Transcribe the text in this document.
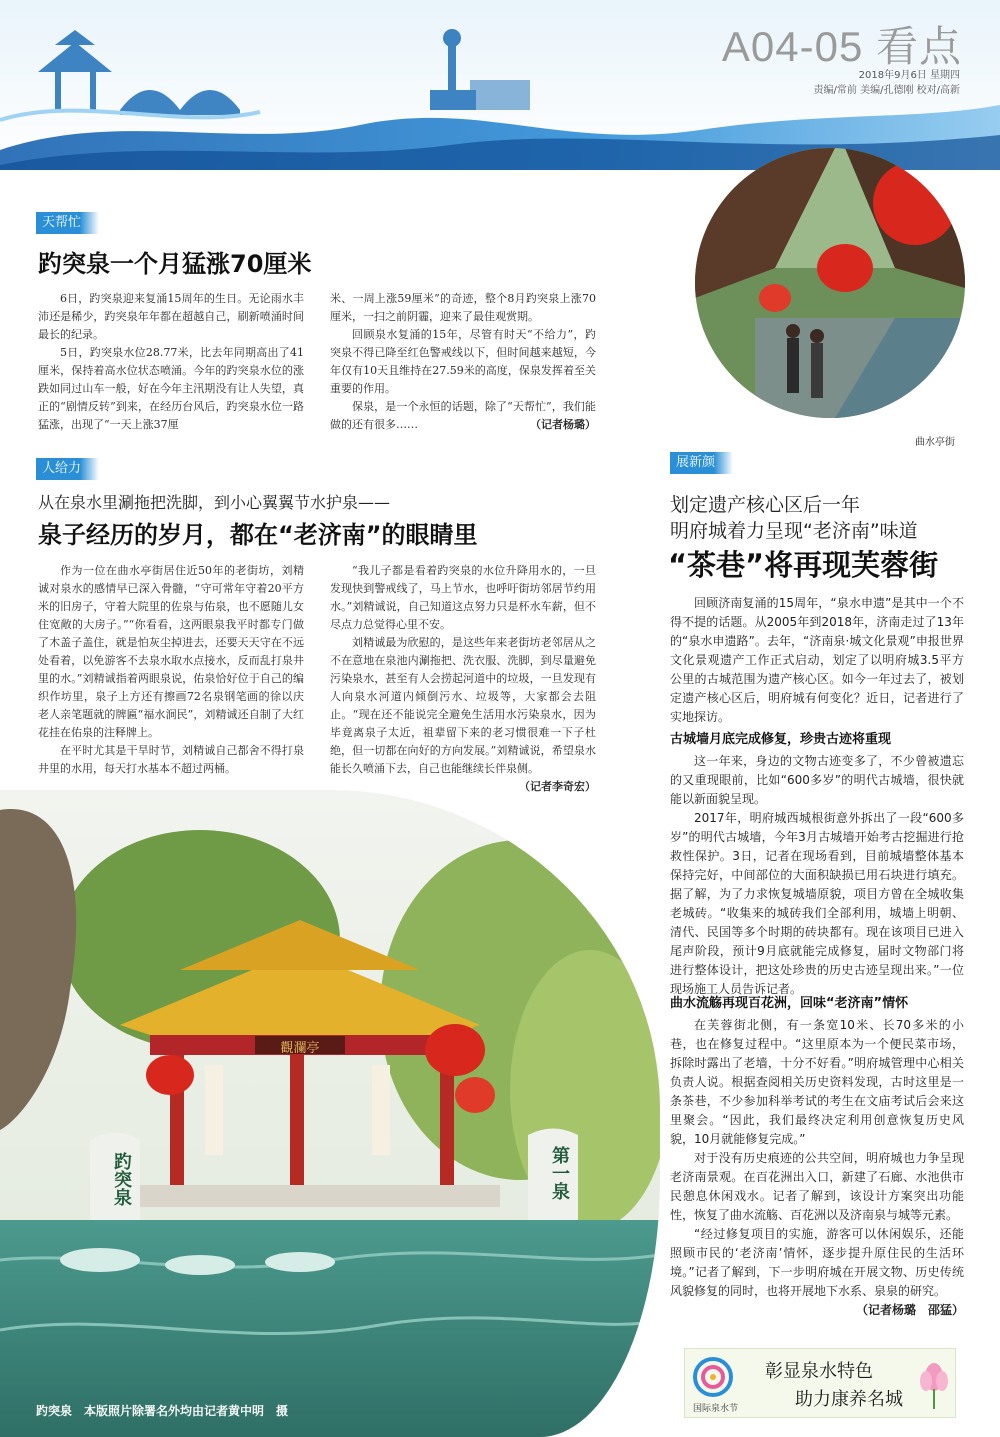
A04-05 看点
2018年9月6日 星期四
责编/常前 美编/孔德刚 校对/高新
曲水亭街
天帮忙
趵突泉一个月猛涨70厘米

6日，趵突泉迎来复涌15周年的生日。无论雨水丰沛还是稀少，趵突泉年年都在超越自己，刷新喷涌时间最长的纪录。

5日，趵突泉水位28.77米，比去年同期高出了41厘米，保持着高水位状态喷涌。今年的趵突泉水位的涨跌如同过山车一般，好在今年主汛期没有让人失望，真正的“剧情反转”到来，在经历台风后，趵突泉水位一路猛涨，出现了“一天上涨37厘

米、一周上涨59厘米”的奇迹，整个8月趵突泉上涨70厘米，一扫之前阴霾，迎来了最佳观赏期。

回顾泉水复涌的15年，尽管有时天“不给力”，趵突泉不得已降至红色警戒线以下，但时间越来越短，今年仅有10天且维持在27.59米的高度，保泉发挥着至关重要的作用。

保泉，是一个永恒的话题，除了“天帮忙”，我们能做的还有很多……	（记者杨璐）

人给力
从在泉水里涮拖把洗脚，到小心翼翼节水护泉——
泉子经历的岁月，都在“老济南”的眼睛里

作为一位在曲水亭街居住近50年的老街坊，刘精诚对泉水的感情早已深入骨髓，“守可常年守着20平方米的旧房子，守着大院里的佐泉与佑泉，也不愿随儿女住宽敞的大房子。”“你看看，这两眼泉我平时都专门做了木盖子盖住，就是怕灰尘掉进去，还要天天守在不远处看着，以免游客不去泉水取水点接水，反而乱打泉井里的水。”刘精诚指着两眼泉说，佑泉恰好位于自己的编织作坊里，泉子上方还有擦画72名泉钢笔画的徐以庆老人亲笔题就的牌匾“福水涧民”，刘精诚还自制了大红花挂在佑泉的注释牌上。

在平时尤其是干旱时节，刘精诚自己都舍不得打泉井里的水用，每天打水基本不超过两桶。

“我儿子都是看着趵突泉的水位升降用水的，一旦发现快到警戒线了，马上节水，也呼吁街坊邻居节约用水。”刘精诚说，自己知道这点努力只是杯水车薪，但不尽点力总觉得心里不安。

刘精诚最为欣慰的，是这些年来老街坊老邻居从之不在意地在泉池内涮拖把、洗衣服、洗脚，到尽量避免污染泉水，甚至有人会捞起河道中的垃圾，一旦发现有人向泉水河道内倾倒污水、垃圾等，大家都会去阻止。“现在还不能说完全避免生活用水污染泉水，因为毕竟离泉子太近，祖辈留下来的老习惯很难一下子杜绝，但一切都在向好的方向发展。”刘精诚说，希望泉水能长久喷涌下去，自己也能继续长伴泉侧。
（记者李奇宏）

觀瀾亭
趵突泉	第一泉
趵突泉　本版照片除署名外均由记者黄中明　摄
展新颜
划定遗产核心区后一年
明府城着力呈现“老济南”味道
“茶巷”将再现芙蓉街

回顾济南复涌的15周年，“泉水申遗”是其中一个不得不提的话题。从2005年到2018年，济南走过了13年的“泉水申遗路”。去年，“济南泉·城文化景观”申报世界文化景观遗产工作正式启动，划定了以明府城3.5平方公里的古城范围为遗产核心区。如今一年过去了，被划定遗产核心区后，明府城有何变化？近日，记者进行了实地探访。

古城墙月底完成修复，珍贵古迹将重现

这一年来，身边的文物古迹变多了，不少曾被遗忘的又重现眼前，比如“600多岁”的明代古城墙，很快就能以新面貌呈现。

2017年，明府城西城根街意外拆出了一段“600多岁”的明代古城墙，今年3月古城墙开始考古挖掘进行抢救性保护。3日，记者在现场看到，目前城墙整体基本保持完好，中间部位的大面积缺损已用石块进行填充。据了解，为了力求恢复城墙原貌，项目方曾在全城收集老城砖。“收集来的城砖我们全部利用，城墙上明朝、清代、民国等多个时期的砖块都有。现在该项目已进入尾声阶段，预计9月底就能完成修复，届时文物部门将进行整体设计，把这处珍贵的历史古迹呈现出来。”一位现场施工人员告诉记者。

曲水流觞再现百花洲，回味“老济南”情怀

在芙蓉街北侧，有一条宽10米、长70多米的小巷，也在修复过程中。“这里原本为一个便民菜市场，拆除时露出了老墙，十分不好看。”明府城管理中心相关负责人说。根据查阅相关历史资料发现，古时这里是一条茶巷，不少参加科举考试的考生在文庙考试后会来这里聚会。“因此，我们最终决定利用创意恢复历史风貌，10月就能修复完成。”

对于没有历史痕迹的公共空间，明府城也力争呈现老济南景观。在百花洲出入口，新建了石廊、水池供市民憩息休闲戏水。记者了解到，该设计方案突出功能性，恢复了曲水流觞、百花洲以及济南泉与城等元素。

“经过修复项目的实施，游客可以休闲娱乐，还能照顾市民的‘老济南’情怀，逐步提升原住民的生活环境。”记者了解到，下一步明府城在开展文物、历史传统风貌修复的同时，也将开展地下水系、泉泉的研究。
（记者杨璐　邵猛）

国际泉水节
彰显泉水特色
助力康养名城
